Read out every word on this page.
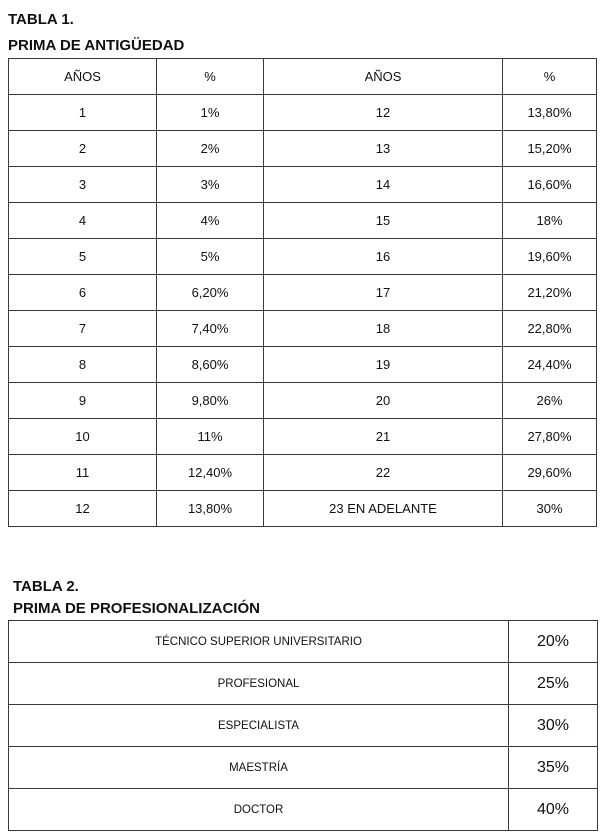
TABLA 1.
PRIMA DE ANTIGÜEDAD
AÑOS	%	AÑOS	%
1	1%	12	13,80%
2	2%	13	15,20%
3	3%	14	16,60%
4	4%	15	18%
5	5%	16	19,60%
6	6,20%	17	21,20%
7	7,40%	18	22,80%
8	8,60%	19	24,40%
9	9,80%	20	26%
10	11%	21	27,80%
11	12,40%	22	29,60%
12	13,80%	23 EN ADELANTE	30%
TABLA 2.
PRIMA DE PROFESIONALIZACIÓN
TÉCNICO SUPERIOR UNIVERSITARIO	20%
PROFESIONAL	25%
ESPECIALISTA	30%
MAESTRÍA	35%
DOCTOR	40%
